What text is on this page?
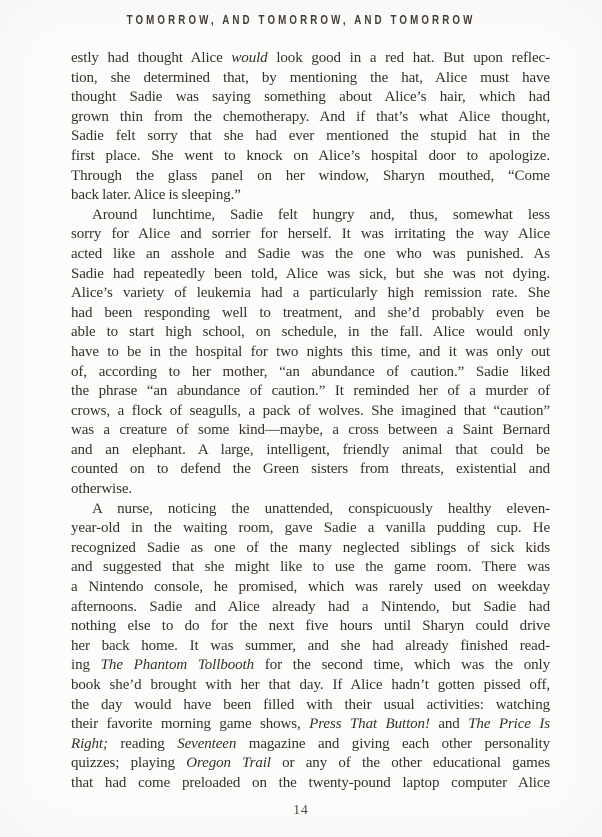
TOMORROW, AND TOMORROW, AND TOMORROW
estly had thought Alice would look good in a red hat. But upon reflec-
tion, she determined that, by mentioning the hat, Alice must have
thought Sadie was saying something about Alice’s hair, which had
grown thin from the chemotherapy. And if that’s what Alice thought,
Sadie felt sorry that she had ever mentioned the stupid hat in the
first place. She went to knock on Alice’s hospital door to apologize.
Through the glass panel on her window, Sharyn mouthed, “Come
back later. Alice is sleeping.”
Around lunchtime, Sadie felt hungry and, thus, somewhat less
sorry for Alice and sorrier for herself. It was irritating the way Alice
acted like an asshole and Sadie was the one who was punished. As
Sadie had repeatedly been told, Alice was sick, but she was not dying.
Alice’s variety of leukemia had a particularly high remission rate. She
had been responding well to treatment, and she’d probably even be
able to start high school, on schedule, in the fall. Alice would only
have to be in the hospital for two nights this time, and it was only out
of, according to her mother, “an abundance of caution.” Sadie liked
the phrase “an abundance of caution.” It reminded her of a murder of
crows, a flock of seagulls, a pack of wolves. She imagined that “caution”
was a creature of some kind—maybe, a cross between a Saint Bernard
and an elephant. A large, intelligent, friendly animal that could be
counted on to defend the Green sisters from threats, existential and
otherwise.
A nurse, noticing the unattended, conspicuously healthy eleven-
year-old in the waiting room, gave Sadie a vanilla pudding cup. He
recognized Sadie as one of the many neglected siblings of sick kids
and suggested that she might like to use the game room. There was
a Nintendo console, he promised, which was rarely used on weekday
afternoons. Sadie and Alice already had a Nintendo, but Sadie had
nothing else to do for the next five hours until Sharyn could drive
her back home. It was summer, and she had already finished read-
ing The Phantom Tollbooth for the second time, which was the only
book she’d brought with her that day. If Alice hadn’t gotten pissed off,
the day would have been filled with their usual activities: watching
their favorite morning game shows, Press That Button! and The Price Is
Right; reading Seventeen magazine and giving each other personality
quizzes; playing Oregon Trail or any of the other educational games
that had come preloaded on the twenty-pound laptop computer Alice
14
